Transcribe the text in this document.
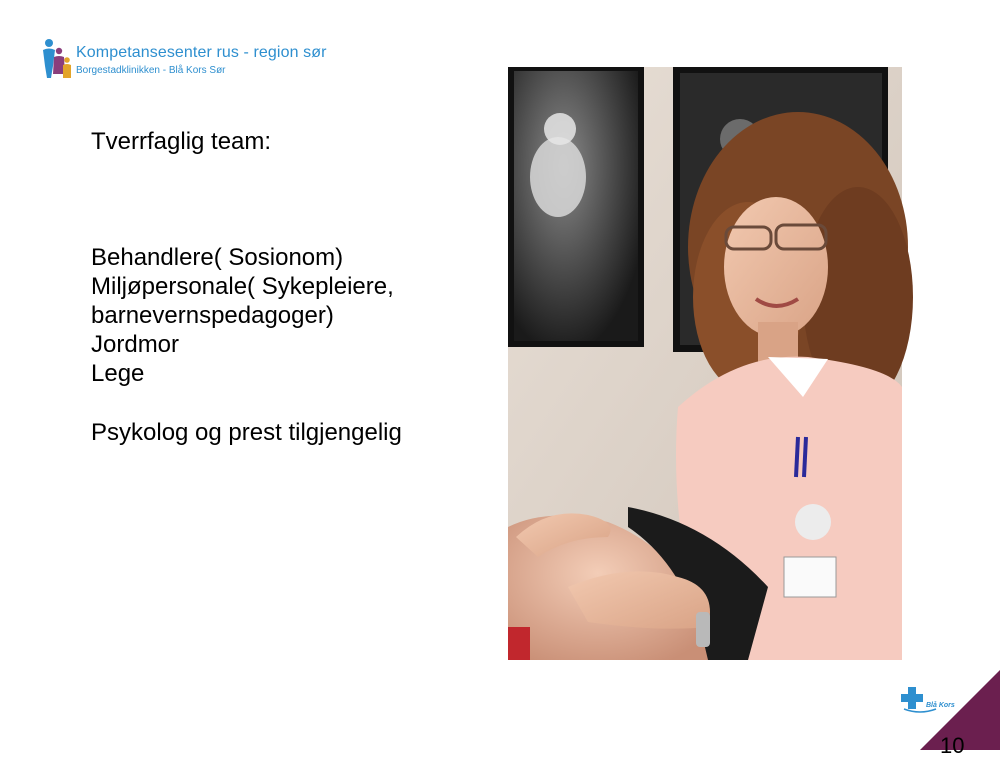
Kompetansesenter rus - region sør
Borgestadklinikken - Blå Kors Sør
Tverrfaglig team:
Behandlere( Sosionom)
Miljøpersonale( Sykepleiere,
barnevernspedagoger)
Jordmor
Lege
Psykolog og prest tilgjengelig
Blå Kors
10
